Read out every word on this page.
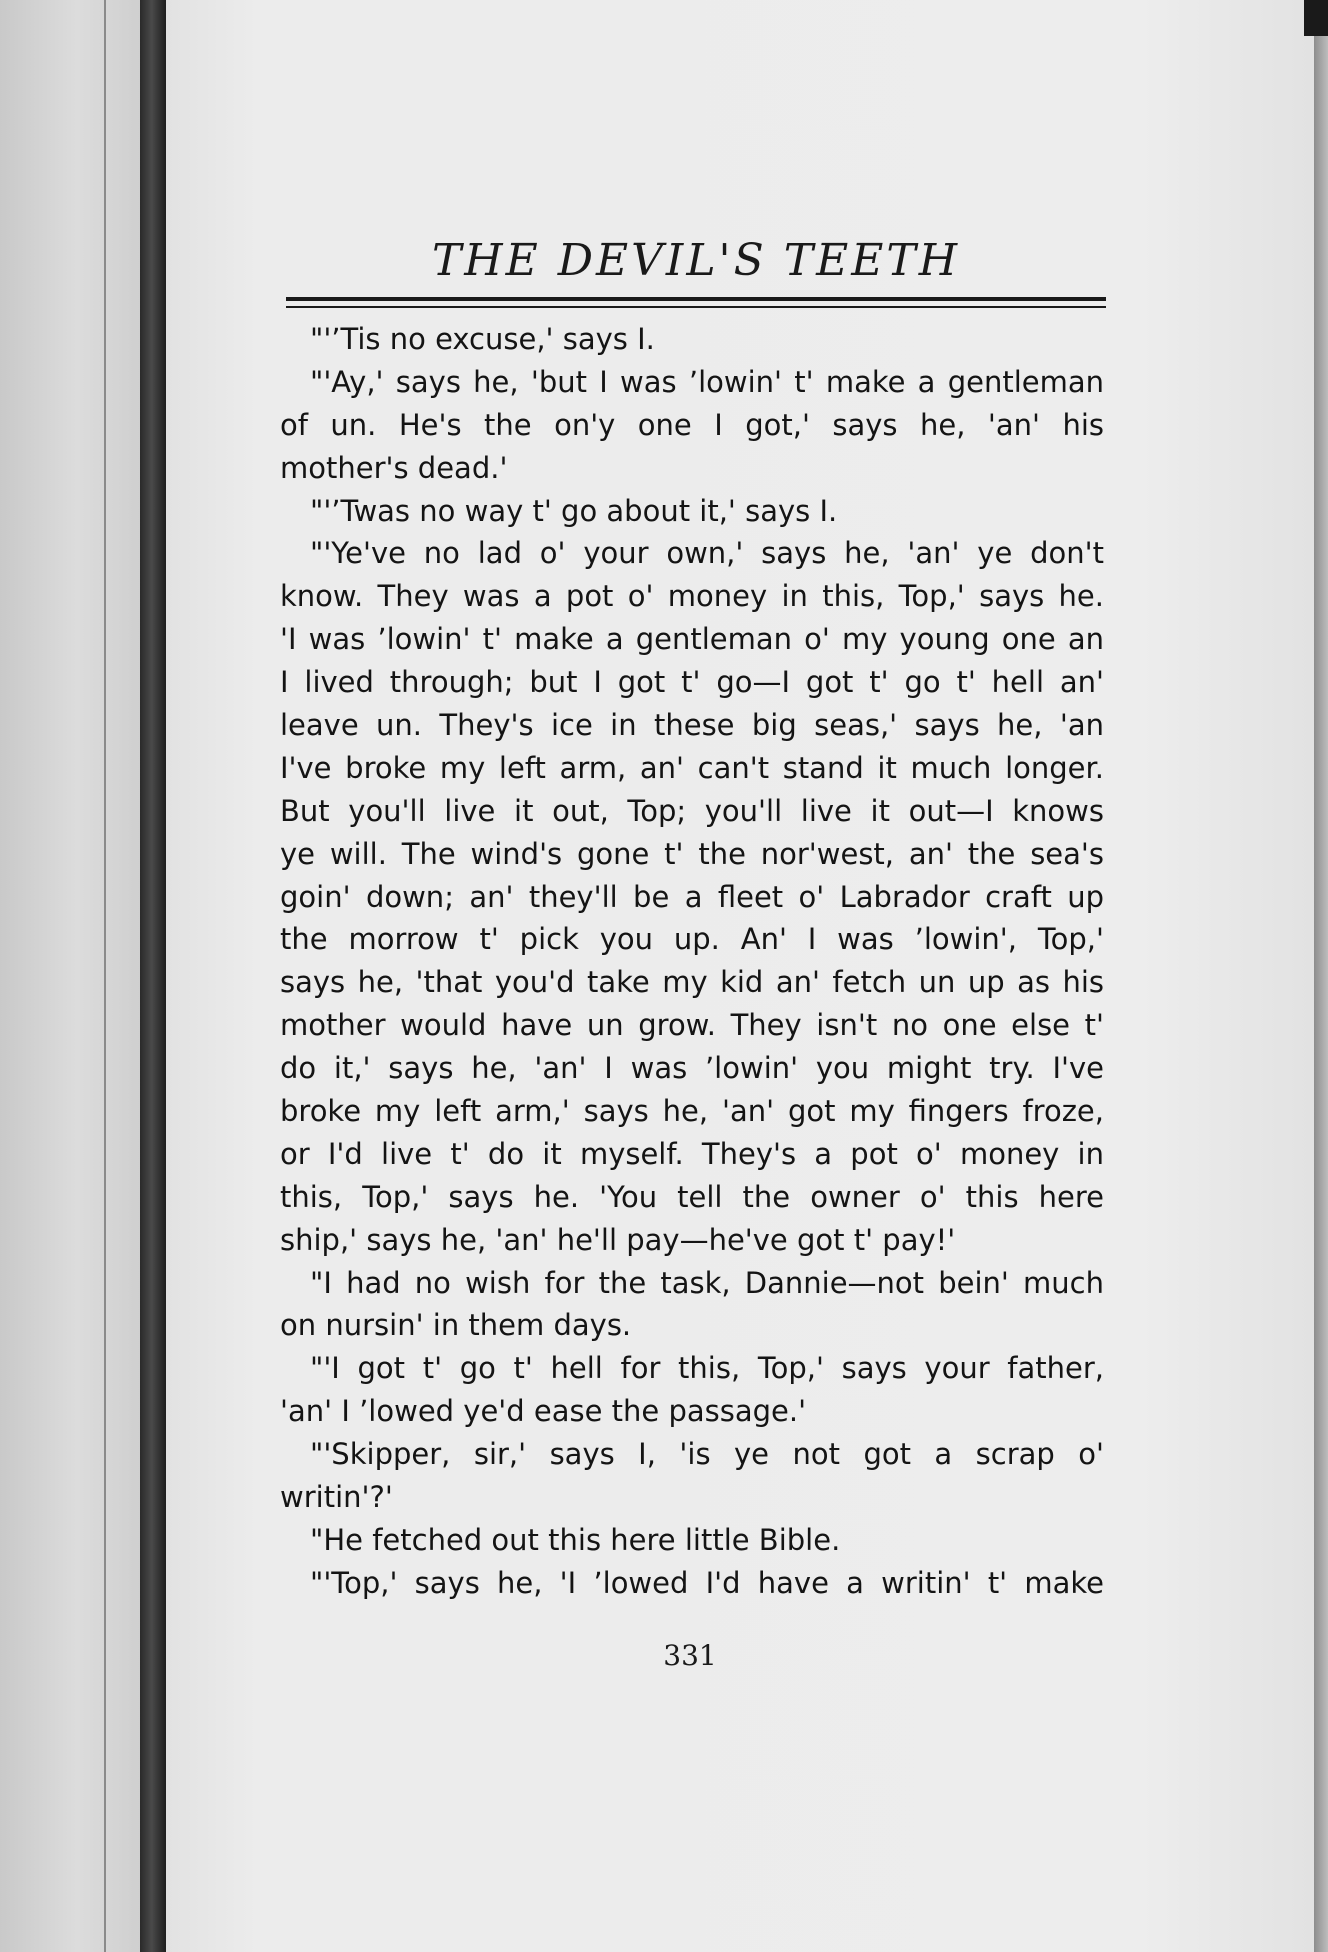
THE DEVIL'S TEETH
"'’Tis no excuse,' says I.
"'Ay,' says he, 'but I was ’lowin' t' make a gentleman
of un. He's the on'y one I got,' says he, 'an' his
mother's dead.'
"'’Twas no way t' go about it,' says I.
"'Ye've no lad o' your own,' says he, 'an' ye don't
know. They was a pot o' money in this, Top,' says he.
'I was ’lowin' t' make a gentleman o' my young one an
I lived through; but I got t' go—I got t' go t' hell an'
leave un. They's ice in these big seas,' says he, 'an
I've broke my left arm, an' can't stand it much longer.
But you'll live it out, Top; you'll live it out—I knows
ye will. The wind's gone t' the nor'west, an' the sea's
goin' down; an' they'll be a fleet o' Labrador craft up
the morrow t' pick you up. An' I was ’lowin', Top,'
says he, 'that you'd take my kid an' fetch un up as his
mother would have un grow. They isn't no one else t'
do it,' says he, 'an' I was ’lowin' you might try. I've
broke my left arm,' says he, 'an' got my fingers froze,
or I'd live t' do it myself. They's a pot o' money in
this, Top,' says he. 'You tell the owner o' this here
ship,' says he, 'an' he'll pay—he've got t' pay!'
"I had no wish for the task, Dannie—not bein' much
on nursin' in them days.
"'I got t' go t' hell for this, Top,' says your father,
'an' I ’lowed ye'd ease the passage.'
"'Skipper, sir,' says I, 'is ye not got a scrap o'
writin'?'
"He fetched out this here little Bible.
"'Top,' says he, 'I ’lowed I'd have a writin' t' make
331
